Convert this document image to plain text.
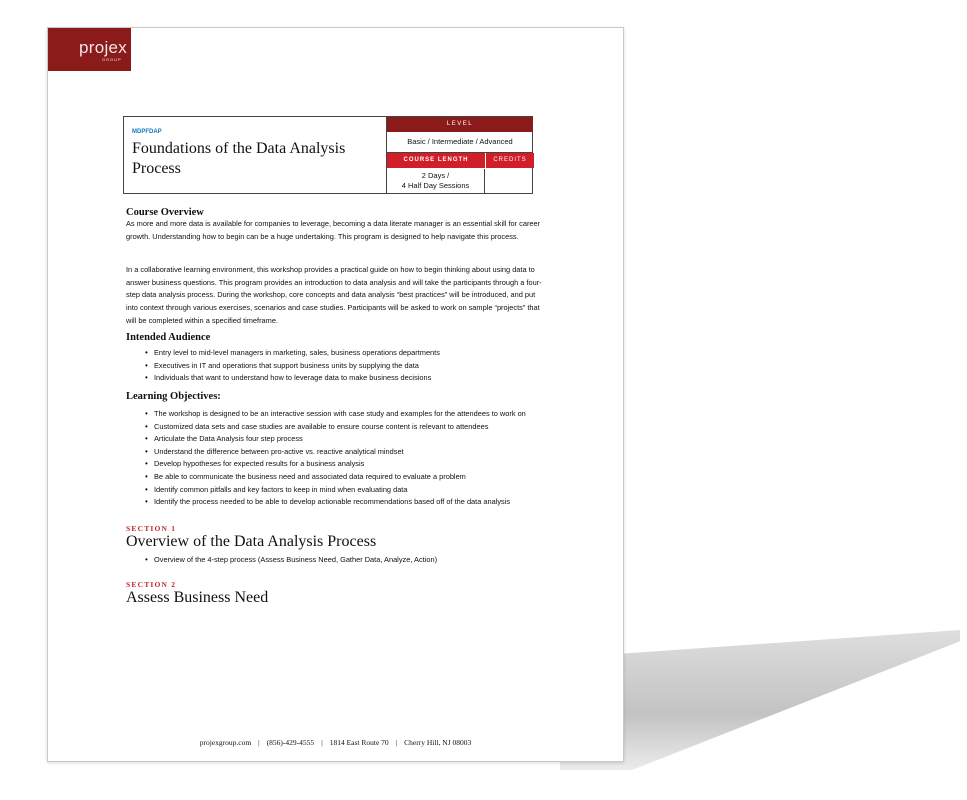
projex
GROUP
MDPFDAP
Foundations of the Data Analysis Process
LEVEL
Basic / Intermediate / Advanced
COURSE LENGTH	CREDITS
2 Days /
4 Half Day Sessions
Course Overview

As more and more data is available for companies to leverage, becoming a data literate manager is an essential skill for career growth. Understanding how to begin can be a huge undertaking. This program is designed to help navigate this process.

In a collaborative learning environment, this workshop provides a practical guide on how to begin thinking about using data to answer business questions. This program provides an introduction to data analysis and will take the participants through a four-step data analysis process. During the workshop, core concepts and data analysis “best practices” will be introduced, and put into context through various exercises, scenarios and case studies. Participants will be asked to work on sample “projects” that will be completed within a specified timeframe.

Intended Audience
• Entry level to mid-level managers in marketing, sales, business operations departments
• Executives in IT and operations that support business units by supplying the data
• Individuals that want to understand how to leverage data to make business decisions
Learning Objectives:
• The workshop is designed to be an interactive session with case study and examples for the attendees to work on
• Customized data sets and case studies are available to ensure course content is relevant to attendees
• Articulate the Data Analysis four step process
• Understand the difference between pro-active vs. reactive analytical mindset
• Develop hypotheses for expected results for a business analysis
• Be able to communicate the business need and associated data required to evaluate a problem
• Identify common pitfalls and key factors to keep in mind when evaluating data
• Identify the process needed to be able to develop actionable recommendations based off of the data analysis

SECTION 1

Overview of the Data Analysis Process

• Overview of the 4-step process (Assess Business Need, Gather Data, Analyze, Action)

SECTION 2

Assess Business Need

projexgroup.com | (856)-429-4555 | 1814 East Route 70 | Cherry Hill, NJ 08003
